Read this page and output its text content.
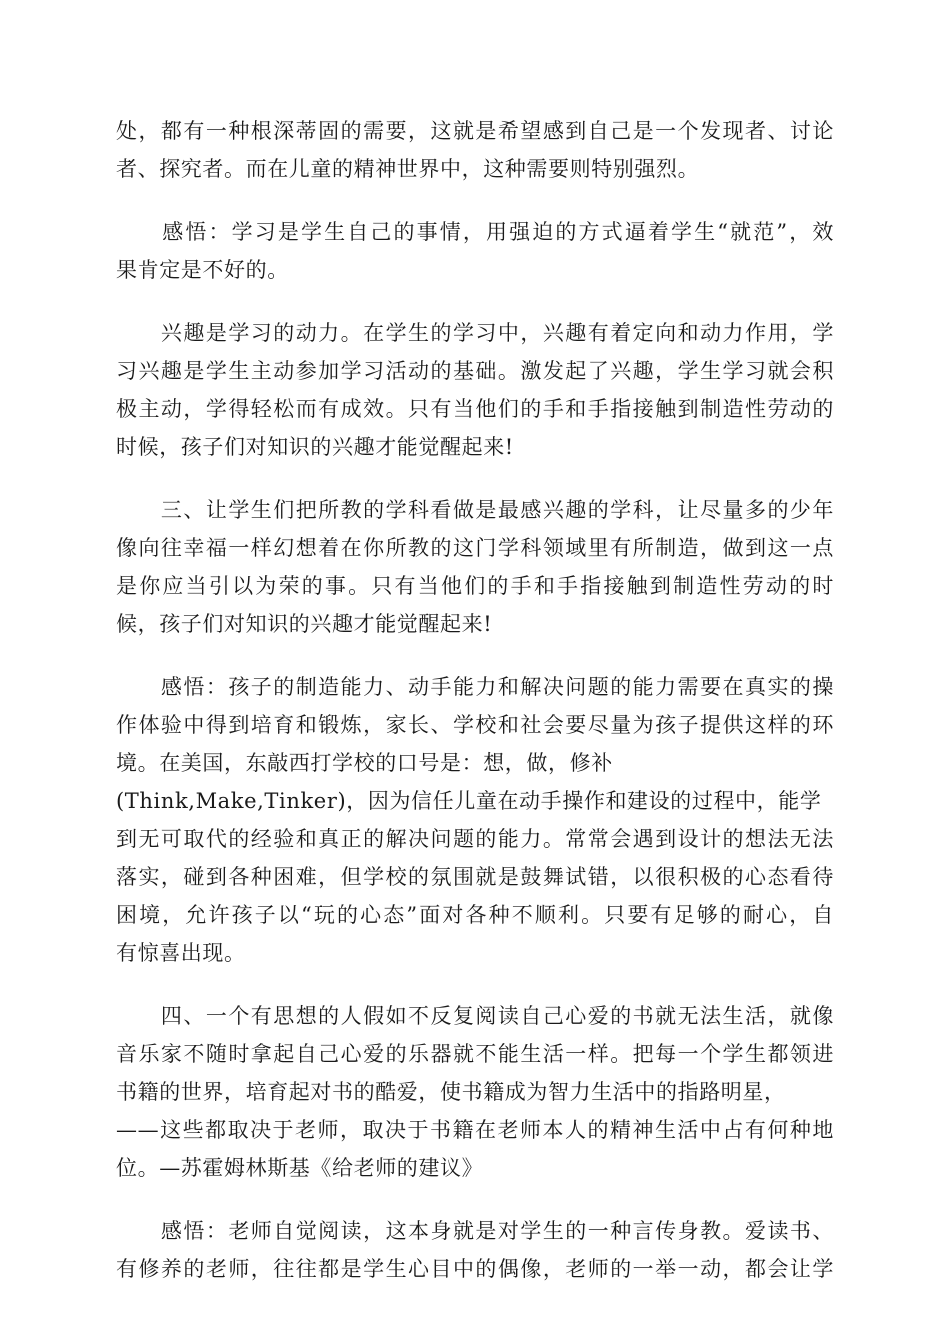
处，都有一种根深蒂固的需要，这就是希望感到自己是一个发现者、讨论
者、探究者。而在儿童的精神世界中，这种需要则特别强烈。
　　感悟：学习是学生自己的事情，用强迫的方式逼着学生“就范”，效
果肯定是不好的。
　　兴趣是学习的动力。在学生的学习中，兴趣有着定向和动力作用，学
习兴趣是学生主动参加学习活动的基础。激发起了兴趣，学生学习就会积
极主动，学得轻松而有成效。只有当他们的手和手指接触到制造性劳动的
时候，孩子们对知识的兴趣才能觉醒起来!
　　三、让学生们把所教的学科看做是最感兴趣的学科，让尽量多的少年
像向往幸福一样幻想着在你所教的这门学科领域里有所制造，做到这一点
是你应当引以为荣的事。只有当他们的手和手指接触到制造性劳动的时
候，孩子们对知识的兴趣才能觉醒起来!
　　感悟：孩子的制造能力、动手能力和解决问题的能力需要在真实的操
作体验中得到培育和锻炼，家长、学校和社会要尽量为孩子提供这样的环
境。在美国，东敲西打学校的口号是：想，做，修补
(Think,Make,Tinker)，因为信任儿童在动手操作和建设的过程中，能学
到无可取代的经验和真正的解决问题的能力。常常会遇到设计的想法无法
落实，碰到各种困难，但学校的氛围就是鼓舞试错，以很积极的心态看待
困境，允许孩子以“玩的心态”面对各种不顺利。只要有足够的耐心，自
有惊喜出现。
　　四、一个有思想的人假如不反复阅读自己心爱的书就无法生活，就像
音乐家不随时拿起自己心爱的乐器就不能生活一样。把每一个学生都领进
书籍的世界，培育起对书的酷爱，使书籍成为智力生活中的指路明星，
——这些都取决于老师，取决于书籍在老师本人的精神生活中占有何种地
位。—苏霍姆林斯基《给老师的建议》
　　感悟：老师自觉阅读，这本身就是对学生的一种言传身教。爱读书、
有修养的老师，往往都是学生心目中的偶像，老师的一举一动，都会让学
